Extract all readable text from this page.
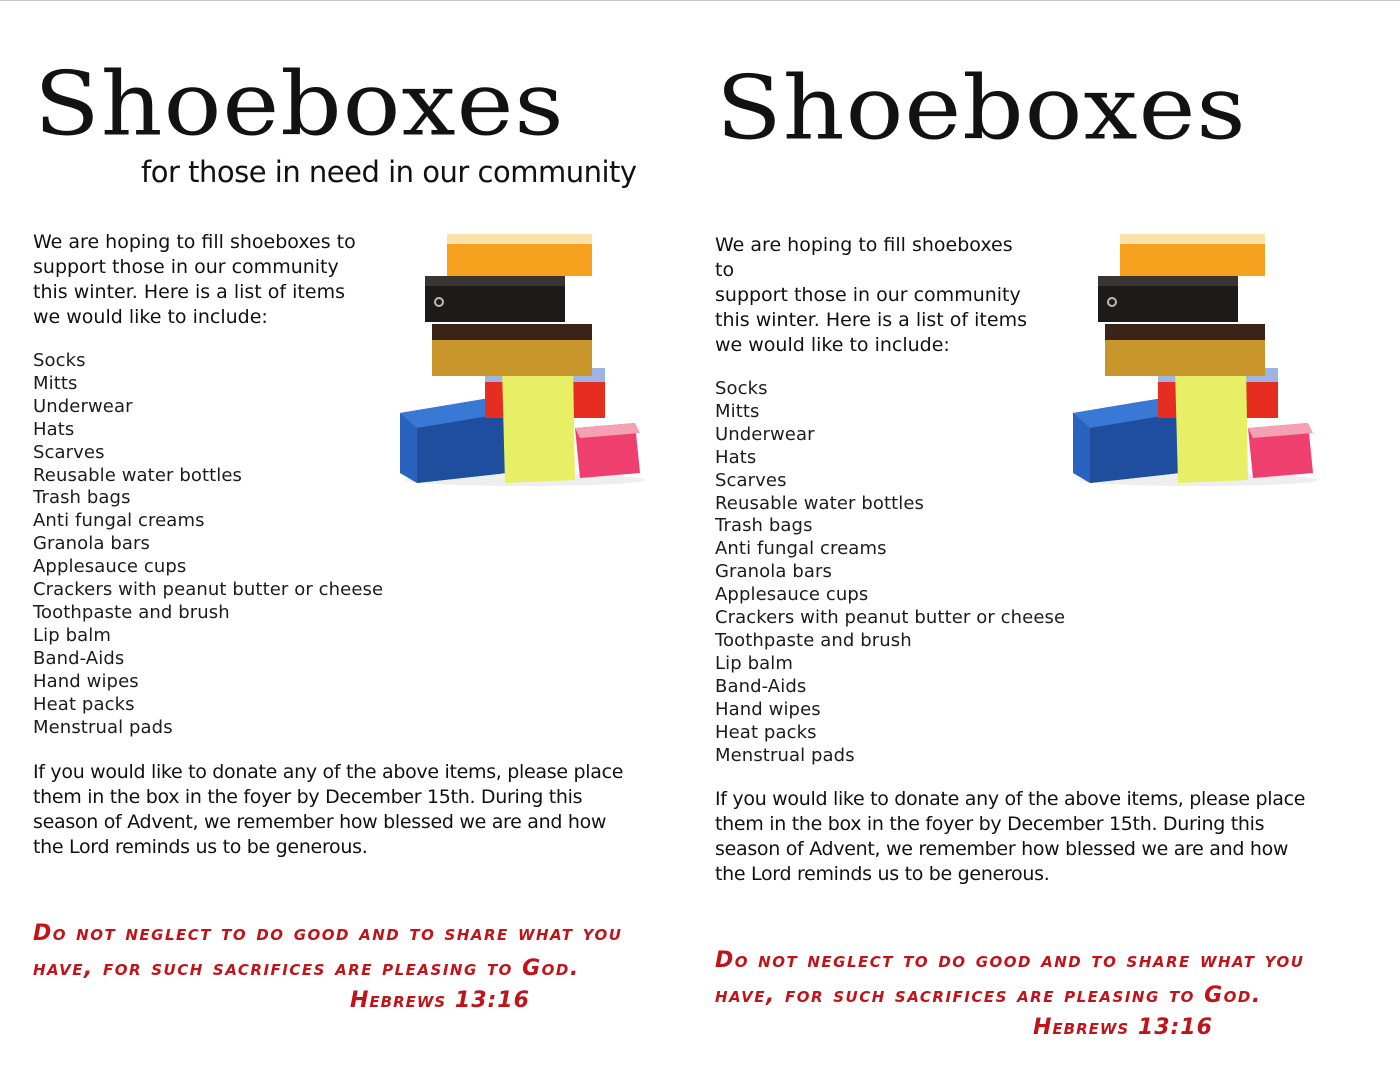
Shoeboxes

for those in need in our community

We are hoping to fill shoeboxes to
support those in our community
this winter. Here is a list of items
we would like to include:

Socks
Mitts
Underwear
Hats
Scarves
Reusable water bottles
Trash bags
Anti fungal creams
Granola bars
Applesauce cups
Crackers with peanut butter or cheese
Toothpaste and brush
Lip balm
Band-Aids
Hand wipes
Heat packs
Menstrual pads

If you would like to donate any of the above items, please place
them in the box in the foyer by December 15th. During this
season of Advent, we remember how blessed we are and how
the Lord reminds us to be generous.

Do not neglect to do good and to share what you
have, for such sacrifices are pleasing to God.

Hebrews 13:16
Shoeboxes

We are hoping to fill shoeboxes
to
support those in our community
this winter. Here is a list of items
we would like to include:

Socks
Mitts
Underwear
Hats
Scarves
Reusable water bottles
Trash bags
Anti fungal creams
Granola bars
Applesauce cups
Crackers with peanut butter or cheese
Toothpaste and brush
Lip balm
Band-Aids
Hand wipes
Heat packs
Menstrual pads

If you would like to donate any of the above items, please place
them in the box in the foyer by December 15th. During this
season of Advent, we remember how blessed we are and how
the Lord reminds us to be generous.

Do not neglect to do good and to share what you
have, for such sacrifices are pleasing to God.

Hebrews 13:16
